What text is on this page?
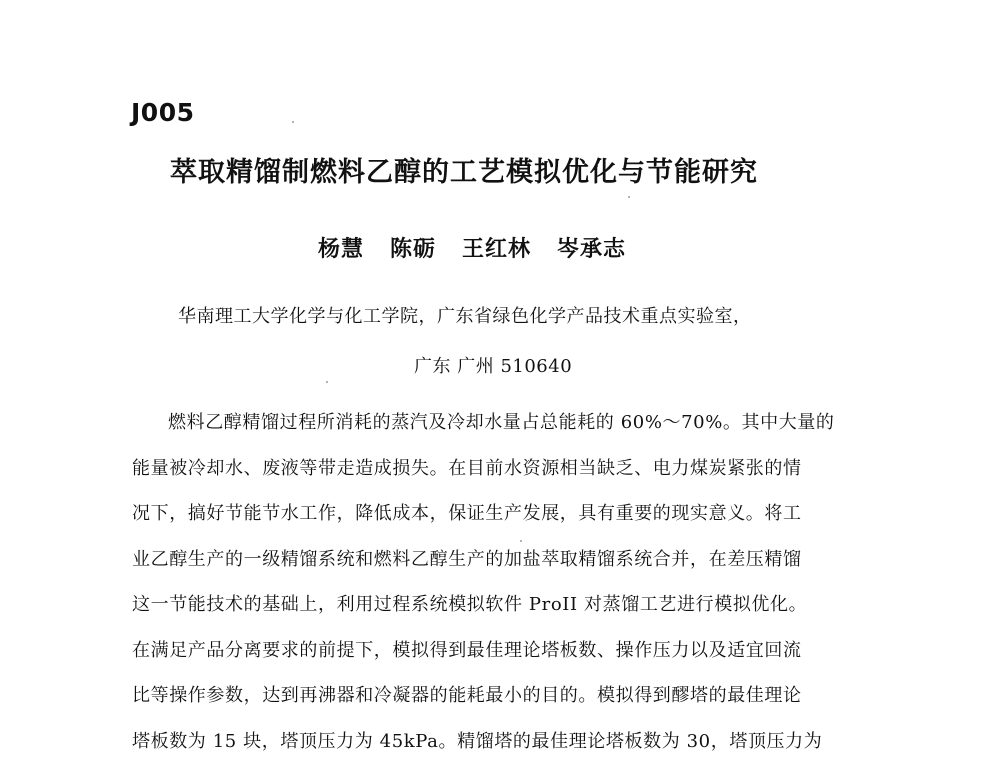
J005
萃取精馏制燃料乙醇的工艺模拟优化与节能研究
杨慧 陈砺 王红林 岑承志
华南理工大学化学与化工学院，广东省绿色化学产品技术重点实验室，
广东 广州 510640
燃料乙醇精馏过程所消耗的蒸汽及冷却水量占总能耗的 60%～70%。其中大量的
能量被冷却水、废液等带走造成损失。在目前水资源相当缺乏、电力煤炭紧张的情
况下，搞好节能节水工作，降低成本，保证生产发展，具有重要的现实意义。将工
业乙醇生产的一级精馏系统和燃料乙醇生产的加盐萃取精馏系统合并，在差压精馏
这一节能技术的基础上，利用过程系统模拟软件 ProII 对蒸馏工艺进行模拟优化。
在满足产品分离要求的前提下，模拟得到最佳理论塔板数、操作压力以及适宜回流
比等操作参数，达到再沸器和冷凝器的能耗最小的目的。模拟得到醪塔的最佳理论
塔板数为 15 块，塔顶压力为 45kPa。精馏塔的最佳理论塔板数为 30，塔顶压力为
